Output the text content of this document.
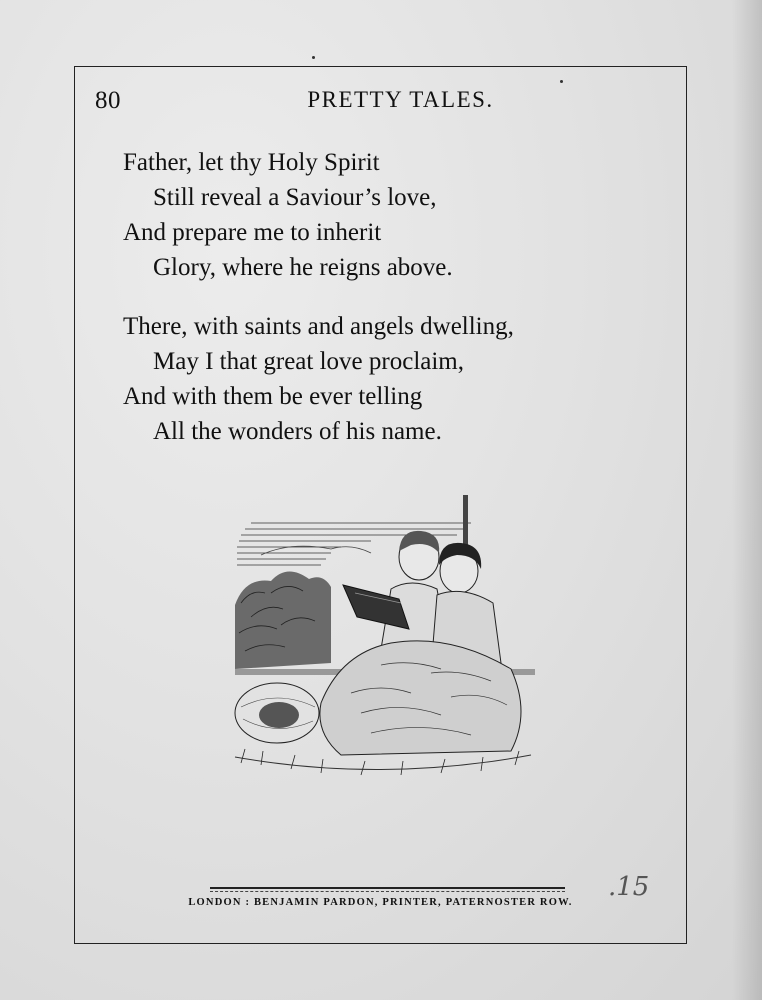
80	PRETTY TALES.
Father, let thy Holy Spirit
Still reveal a Saviour’s love,
And prepare me to inherit
Glory, where he reigns above.
There, with saints and angels dwelling,
May I that great love proclaim,
And with them be ever telling
All the wonders of his name.
LONDON : BENJAMIN PARDON, PRINTER, PATERNOSTER ROW.
.15
